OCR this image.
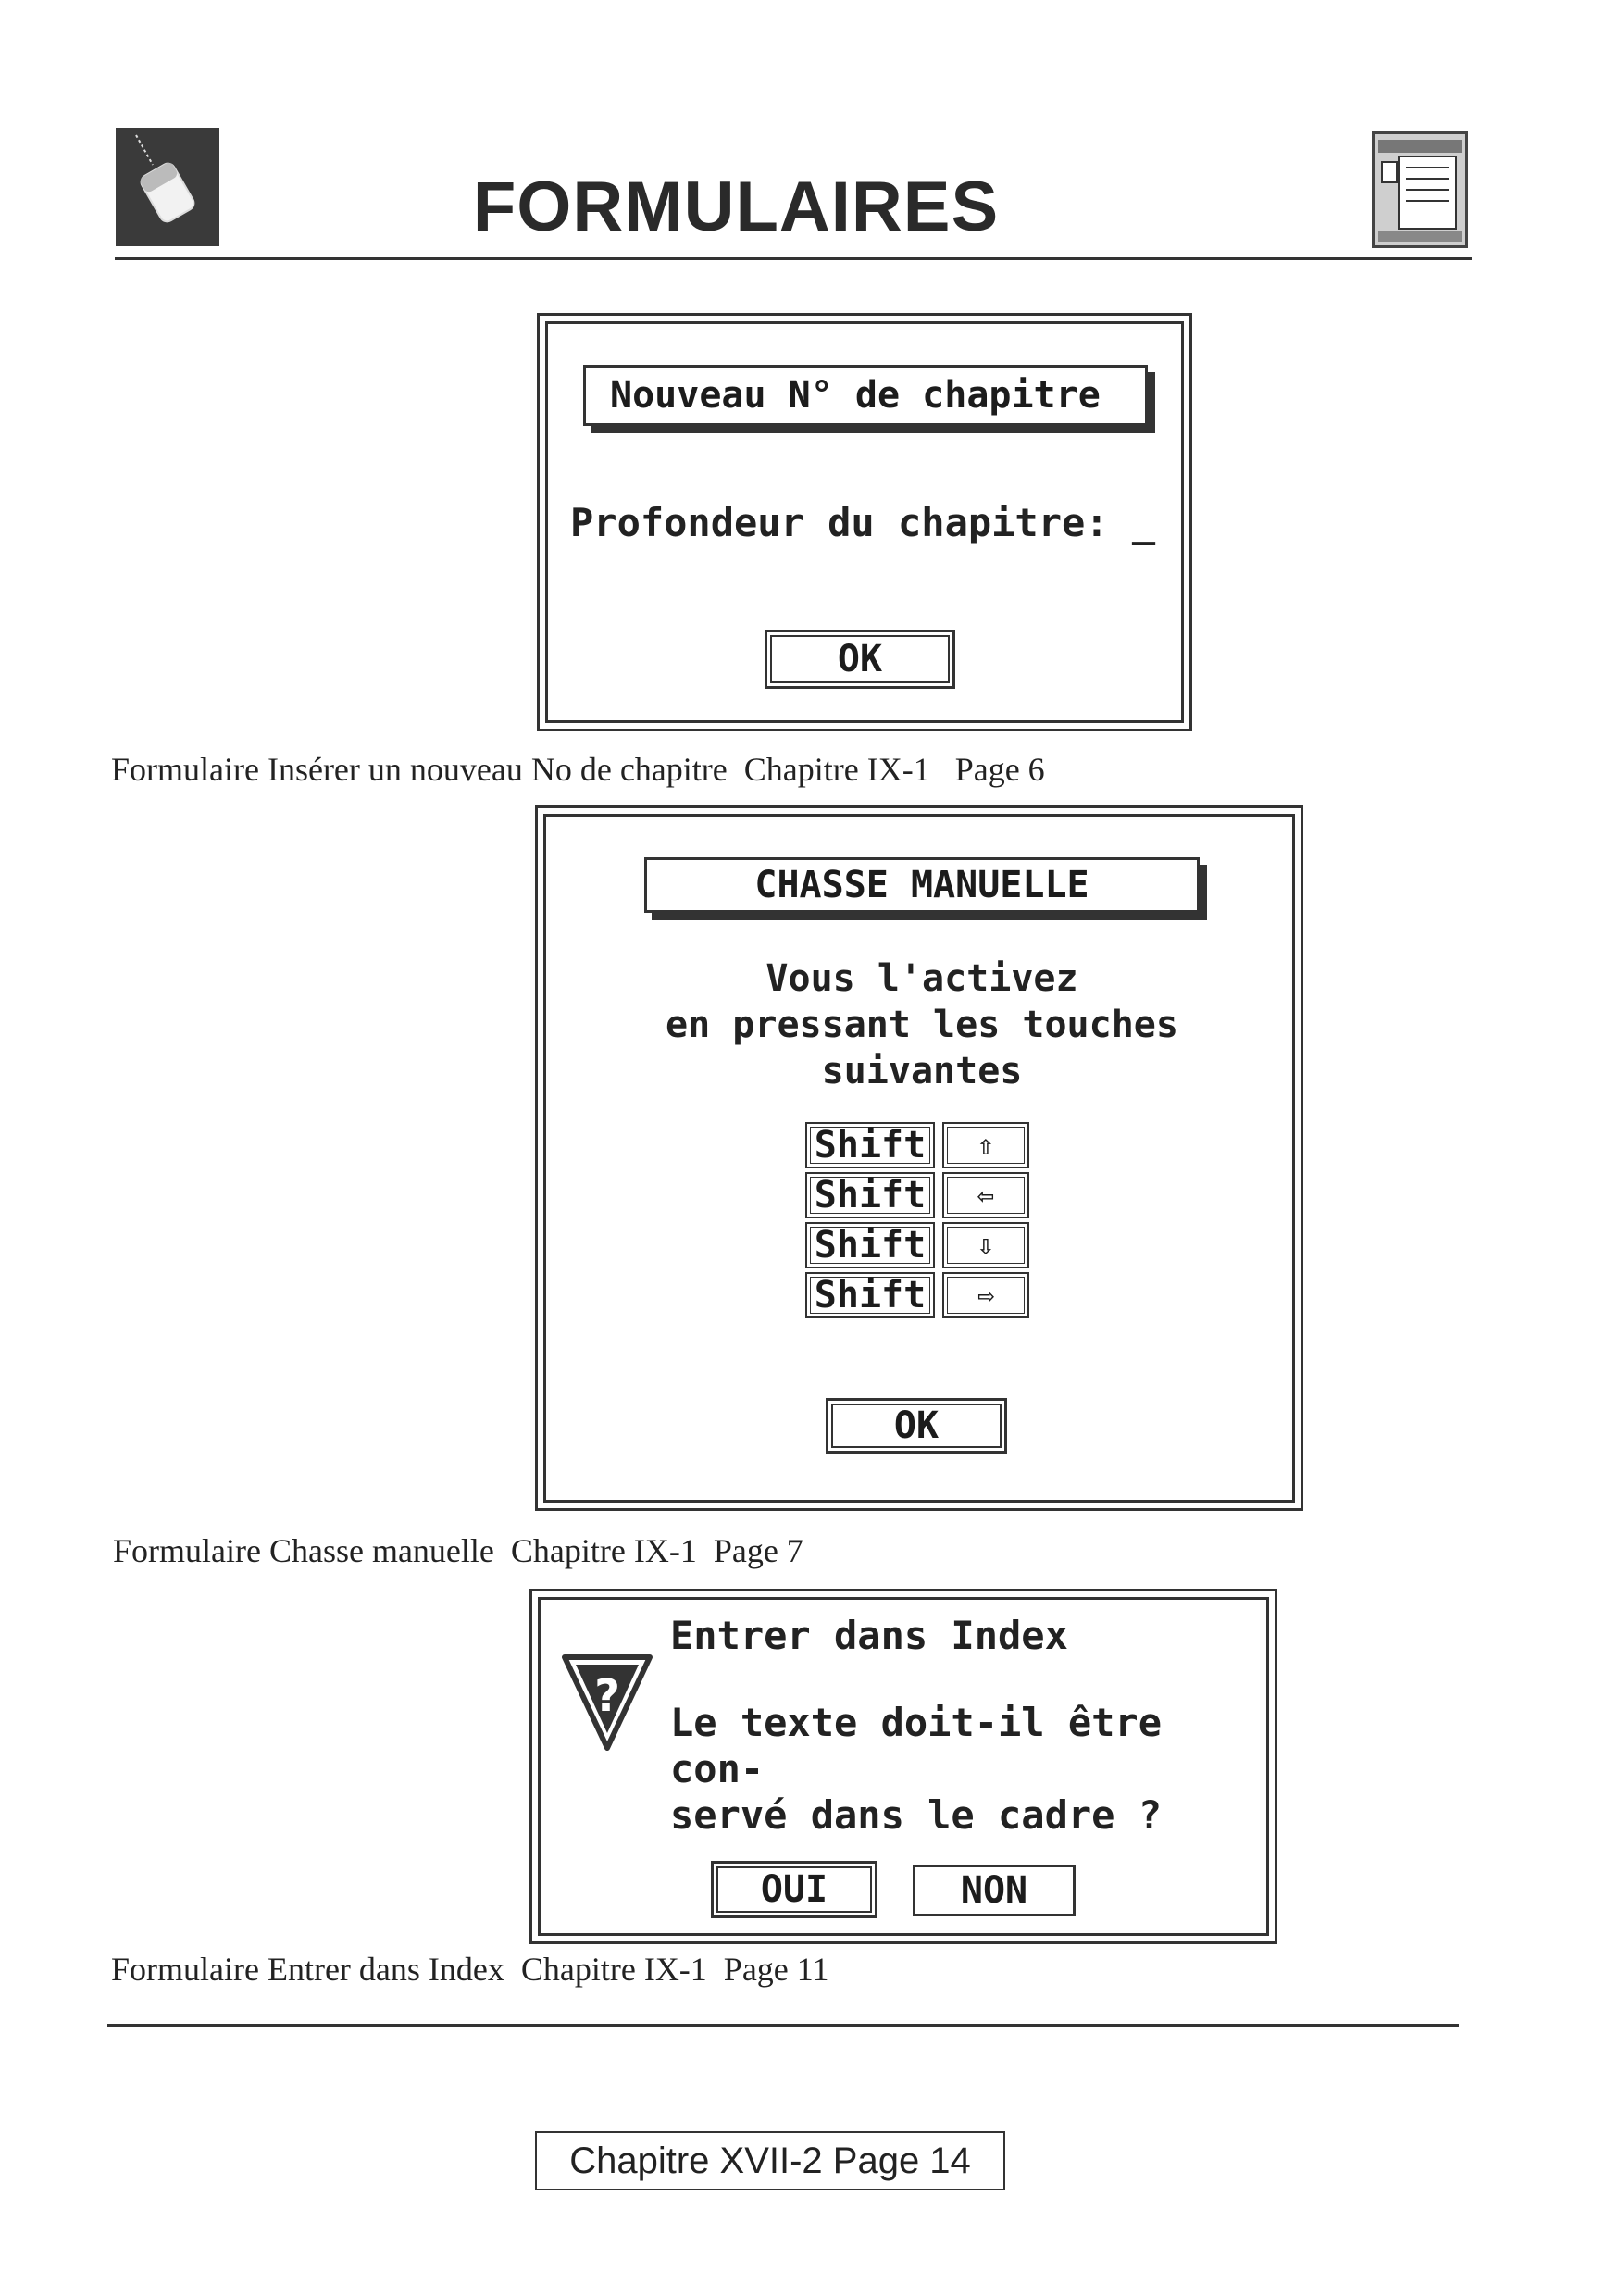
FORMULAIRES
Nouveau N° de chapitre
Profondeur du chapitre: _
OK
Formulaire Insérer un nouveau No de chapitre  Chapitre IX-1   Page 6
CHASSE MANUELLE
Vous l'activez
en pressant les touches
suivantes
Shift	⇧
Shift	⇦
Shift	⇩
Shift	⇨
OK
Formulaire Chasse manuelle  Chapitre IX-1  Page 7
?
Entrer dans Index
Le texte doit-il être con-
servé dans le cadre ?
OUI	NON
Formulaire Entrer dans Index  Chapitre IX-1  Page 11
Chapitre XVII-2 Page 14
